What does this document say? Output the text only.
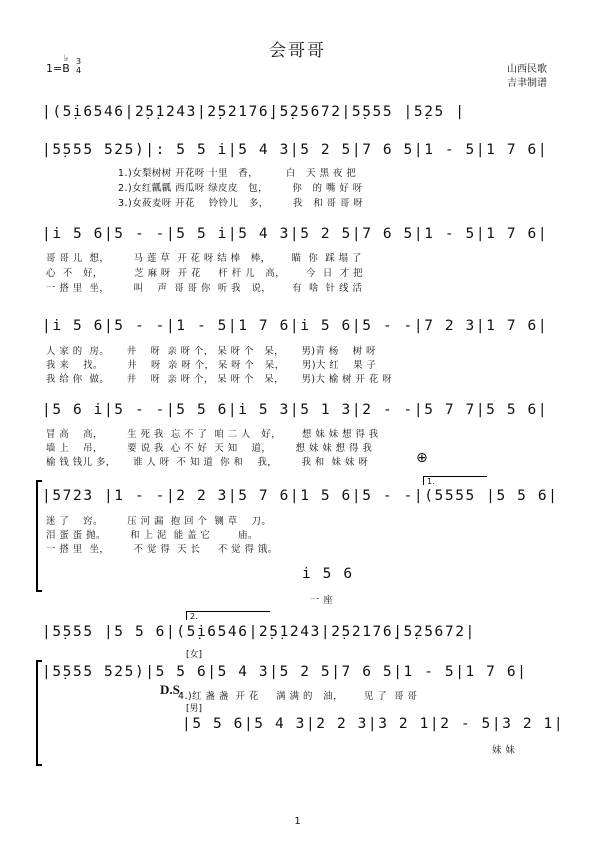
会哥哥
1=B
♭ 3
4	山西民歌
吉聿制谱
|(5̣i̇6546|2̣5̣1243|2̣52176̣|5̣25672|5̣555 |5̣25 |
|5̣555 525)|: 5 5 i̇|5 4 3|5 2 5|7 6 5|1 - 5|1 7 6|
1.)女梨树树 开花呀 十里   香，        白   天 黑 夜 把
2.)女红瓤瓤 西瓜呀 绿皮皮   包，       你   的 嘴 好 呀
3.)女莜麦呀 开花    铃铃儿   多，       我   和 哥 哥 呀
|i̇ 5 6|5 - -|5 5 i̇|5 4 3|5 2 5|7 6 5|1 - 5|1 7 6|
哥 哥 儿  想，       马 莲 草  开 花 呀 结 棒   棒，      瞄  你  踩 塌 了
心  不   好，         芝 麻 呀  开 花     杆 杆 儿   高，      今  日  才 把
一 搭 里  坐，       叫    声  哥 哥 你  听 我   说，      有  啥  针 线 活
|i̇ 5 6|5 - -|1 - 5|1 7 6|i̇ 5 6|5 - -|7 2 3|1 7 6|
人 家 的  房。     井    呀  亲 呀 个， 呆 呀 个   呆，     男)青 杨    树 呀
我 来    找。       井    呀  亲 呀 个， 呆 呀 个   呆，     男)大 红    果 子
我 给 你  做。     井    呀  亲 呀 个， 呆 呀 个   呆，     男)大 榆 树 开 花 呀
|5 6 i̇|5 - -|5 5 6|i̇ 5 3|5 1 3|2 - -|5 7 7|5 5 6|
冒 高    高，       生 死 我  忘 不 了  咱 二 人   好，      想 妹 妹 想 得 我
墙 上    吊，       要 说 我  心 不 好  天 知    道，       想 妹 妹 想 得 我
榆 钱 钱儿 多，     谁 人 呀  不 知 道  你 和    我，       我 和  妹 妹 呀	⊕
1.
|5723 |1 - -|2 2 3|5 7 6|1 5 6|5 - -|(5555 |5 5 6|
迷 了    窍。       压 河 漏  抱 回 个  铡 草    刀。
泪 蛋 蛋 抛。       和 上 泥  能 盖 它        庙。
一 搭 里  坐，       不 觉 得  天 长     不 觉 得 饿。
i̇ 5 6
一 座
2.
|5̣555 |5 5 6|(5̣i̇6546|2̣5̣1243|2̣52176̣|5̣25672|
[女]
|5̣555 525)|5 5 6|5 4 3|5 2 5|7 6 5|1 - 5|1 7 6|
D.S.
4.)红 盏 盏  开 花     满 满 的   油，      见 了  哥 哥
[男]
|5 5 6|5 4 3|2 2 3|3 2 1|2 - 5|3 2 1|
妹 妹
1
